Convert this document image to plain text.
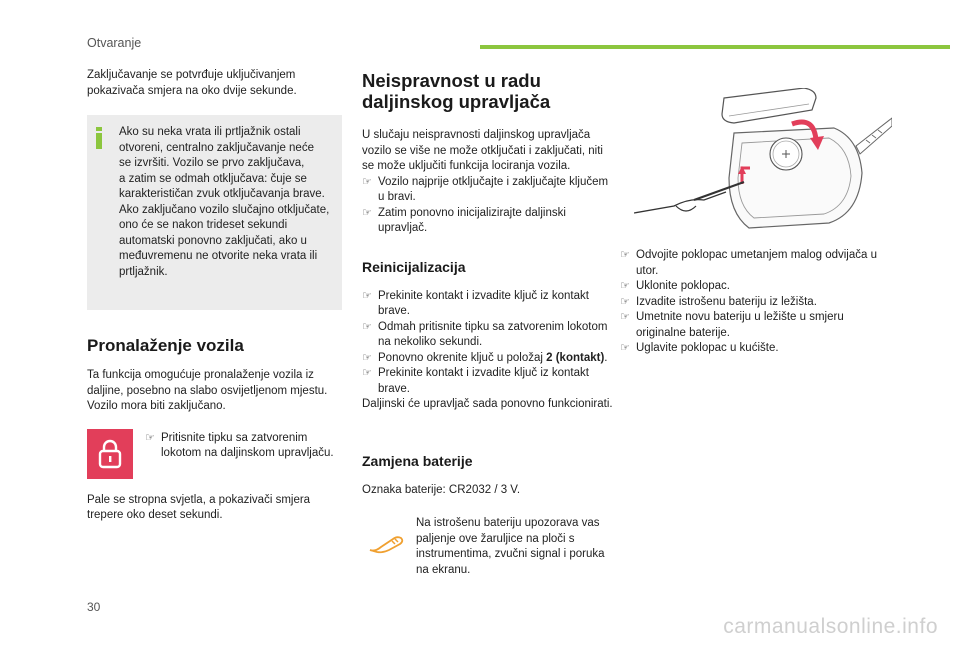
Otvaranje

Zaključavanje se potvrđuje uključivanjem pokazivača smjera na oko dvije sekunde.

Ako su neka vrata ili prtljažnik ostali
otvoreni, centralno zaključavanje neće
se izvršiti. Vozilo se prvo zaključava,
a zatim se odmah otključava: čuje se
karakterističan zvuk otključavanja brave.
Ako zaključano vozilo slučajno otključate,
ono će se nakon trideset sekundi
automatski ponovno zaključati, ako u
međuvremenu ne otvorite neka vrata ili
prtljažnik.

Pronalaženje vozila

Ta funkcija omogućuje pronalaženje vozila iz daljine, posebno na slabo osvijetljenom mjestu. Vozilo mora biti zaključano.

☞ Pritisnite tipku sa zatvorenim lokotom na daljinskom upravljaču.

Pale se stropna svjetla, a pokazivači smjera trepere oko deset sekundi.

Neispravnost u radu
daljinskog upravljača

U slučaju neispravnosti daljinskog upravljača vozilo se više ne može otključati i zaključati, niti se može uključiti funkcija lociranja vozila.

☞ Vozilo najprije otključajte i zaključajte ključem u bravi.
☞ Zatim ponovno inicijalizirajte daljinski upravljač.
Reinicijalizacija
☞ Prekinite kontakt i izvadite ključ iz kontakt brave.
☞ Odmah pritisnite tipku sa zatvorenim lokotom na nekoliko sekundi.
☞ Ponovno okrenite ključ u položaj 2 (kontakt).
☞ Prekinite kontakt i izvadite ključ iz kontakt brave.

Daljinski će upravljač sada ponovno funkcionirati.

Zamjena baterije

Oznaka baterije: CR2032 / 3 V.

Na istrošenu bateriju upozorava vas paljenje ove žaruljice na ploči s instrumentima, zvučni signal i poruka na ekranu.

☞ Odvojite poklopac umetanjem malog odvijača u utor.
☞ Uklonite poklopac.
☞ Izvadite istrošenu bateriju iz ležišta.
☞ Umetnite novu bateriju u ležište u smjeru originalne baterije.
☞ Uglavite poklopac u kućište.
30
carmanualsonline.info
